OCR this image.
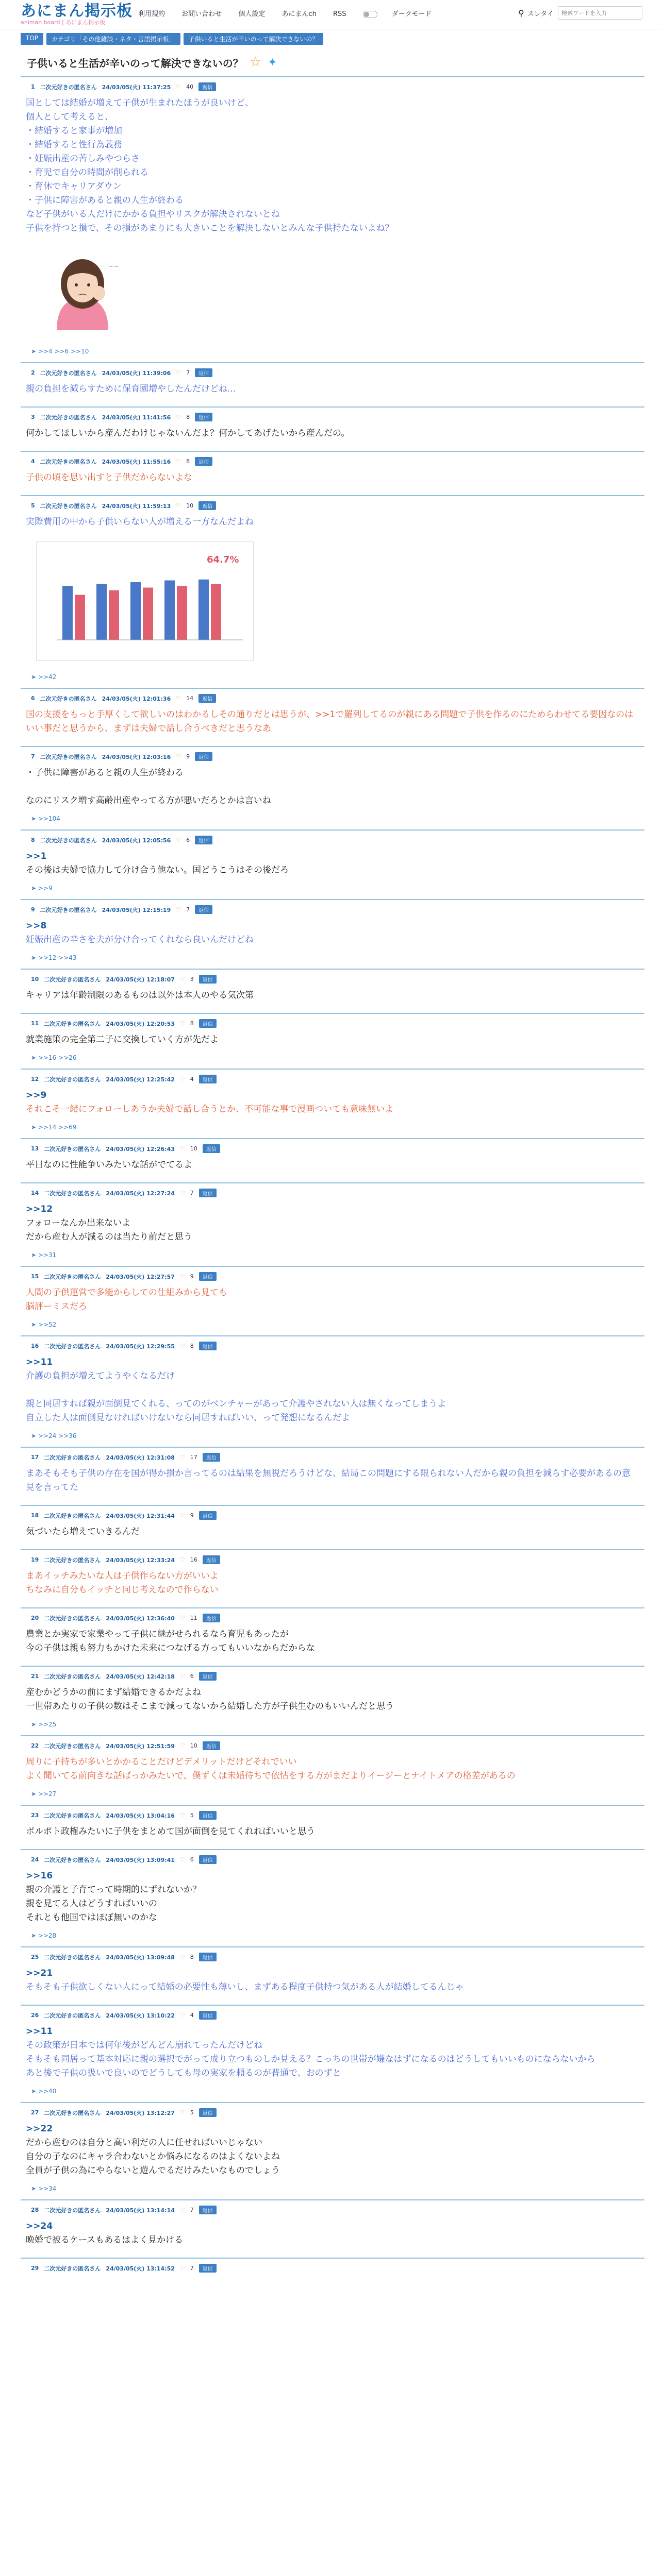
あにまん掲示板
animan board | あにまん掲示板
利用規約 お問い合わせ 個人設定 あにまんch RSS	ダークモード	⚲ スレタイ
検索ワードを入力
TOP	カテゴリ「その他雑談・ネタ・言語掲示板」	子供いると生活が辛いのって解決できないの？
子供いると生活が辛いのって解決できないの？ ☆ ✦
1 二次元好きの匿名さん 24/03/05(火) 11:37:25 ♡ 40	返信
国としては結婚が増えて子供が生まれたほうが良いけど、
個人として考えると、
・結婚すると家事が増加
・結婚すると性行為義務
・妊娠出産の苦しみやつらさ
・育児で自分の時間が削られる
・育休でキャリアダウン
・子供に障害があると親の人生が終わる
など子供がいる人だけにかかる負担やリスクが解決されないとね
子供を持つと損で、その損があまりにも大きいことを解決しないとみんな子供持たないよね？
~~
➤ >>4 >>6 >>10
2 二次元好きの匿名さん 24/03/05(火) 11:39:06 ♡ 7	返信
親の負担を減らすために保育園増やしたんだけどね...
3 二次元好きの匿名さん 24/03/05(火) 11:41:56 ♡ 8	返信
何かしてほしいから産んだわけじゃないんだよ？何かしてあげたいから産んだの。
4 二次元好きの匿名さん 24/03/05(火) 11:55:16 ♡ 8	返信
子供の頃を思い出すと子供だからないよな
5 二次元好きの匿名さん 24/03/05(火) 11:59:13 ♡ 10	返信
実際費用の中から子供いらない人が増える一方なんだよね
64.7%
➤ >>42
6 二次元好きの匿名さん 24/03/05(火) 12:01:36 ♡ 14	返信
国の支援をもっと手厚くして欲しいのはわかるしその通りだとは思うが、>>1で羅列してるのが親にある問題で子供を作るのにためらわせてる要因なのはいい事だと思うから、まずは夫婦で話し合うべきだと思うなあ
7 二次元好きの匿名さん 24/03/05(火) 12:03:16 ♡ 9	返信
・子供に障害があると親の人生が終わる
なのにリスク増す高齢出産やってる方が悪いだろとかは言いね
➤ >>104
8 二次元好きの匿名さん 24/03/05(火) 12:05:56 ♡ 6	返信
>>1
その後は夫婦で協力して分け合う他ない。国どうこうはその後だろ
➤ >>9
9 二次元好きの匿名さん 24/03/05(火) 12:15:19 ♡ 7	返信
>>8
妊娠出産の辛さを夫が分け合ってくれなら良いんだけどね
➤ >>12 >>43
10 二次元好きの匿名さん 24/03/05(火) 12:18:07 ♡ 3	返信
キャリアは年齢制限のあるものは以外は本人のやる気次第
11 二次元好きの匿名さん 24/03/05(火) 12:20:53 ♡ 8	返信
就業施策の完全第二子に交換していく方が先だよ
➤ >>16 >>26
12 二次元好きの匿名さん 24/03/05(火) 12:25:42 ♡ 4	返信
>>9
それこそ一緒にフォローしあうか夫婦で話し合うとか、不可能な事で漫画ついても意味無いよ
➤ >>14 >>69
13 二次元好きの匿名さん 24/03/05(火) 12:26:43 ♡ 10	返信
平日なのに性能争いみたいな話がでてるよ
14 二次元好きの匿名さん 24/03/05(火) 12:27:24 ♡ 7	返信
>>12
フォローなんか出来ないよ
だから産む人が減るのは当たり前だと思う
➤ >>31
15 二次元好きの匿名さん 24/03/05(火) 12:27:57 ♡ 9	返信
人間の子供運営で多能からしての仕組みから見ても
脳評ーミスだろ
➤ >>52
16 二次元好きの匿名さん 24/03/05(火) 12:29:55 ♡ 8	返信
>>11
介護の負担が増えてようやくなるだけ
親と同居すれば親が面倒見てくれる、ってのがベンチャーがあって介護やされない人は無くなってしまうよ
自立した人は面倒見なければいけないなら同居すればいい、って発想になるんだよ
➤ >>24 >>36
17 二次元好きの匿名さん 24/03/05(火) 12:31:08 ♡ 17	返信
まあそもそも子供の存在を国が得か損か言ってるのは結果を無視だろうけどな、結局この問題にする限られない人だから親の負担を減らす必要があるの意見を言ってた
18 二次元好きの匿名さん 24/03/05(火) 12:31:44 ♡ 9	返信
気づいたら増えていきるんだ
19 二次元好きの匿名さん 24/03/05(火) 12:33:24 ♡ 16	返信
まあイッチみたいな人は子供作らない方がいいよ
ちなみに自分もイッチと同じ考えなので作らない
20 二次元好きの匿名さん 24/03/05(火) 12:36:40 ♡ 11	返信
農業とか実家で家業やって子供に継がせられるなら育児もあったが
今の子供は親も努力もかけた未来につなげる方ってもいいなからだからな
21 二次元好きの匿名さん 24/03/05(火) 12:42:18 ♡ 6	返信
産むかどうかの前にまず結婚できるかだよね
一世帯あたりの子供の数はそこまで減ってないから結婚した方が子供生むのもいいんだと思う
➤ >>25
22 二次元好きの匿名さん 24/03/05(火) 12:51:59 ♡ 10	返信
周りに子持ちが多いとかかることだけどデメリットだけどそれでいい
よく聞いてる前向きな話ばっかみたいで、僕ずくは未婚待ちで依怙をする方がまだよりイージーとナイトメアの格差があるの
➤ >>27
23 二次元好きの匿名さん 24/03/05(火) 13:04:16 ♡ 5	返信
ポルポト政権みたいに子供をまとめて国が面倒を見てくれればいいと思う
24 二次元好きの匿名さん 24/03/05(火) 13:09:41 ♡ 6	返信
>>16
親の介護と子育てって時期的にずれないか？
親を見てる人はどうすればいいの
それとも他国ではほぼ無いのかな
➤ >>28
25 二次元好きの匿名さん 24/03/05(火) 13:09:48 ♡ 8	返信
>>21
そもそも子供欲しくない人にって結婚の必要性も薄いし、まずある程度子供持つ気がある人が結婚してるんじゃ
26 二次元好きの匿名さん 24/03/05(火) 13:10:22 ♡ 4	返信
>>11
その政策が日本では何年後がどんどん崩れてったんだけどね
そもそも同居って基本対応に親の選択でがって成り立つものしか見える？こっちの世帯が嫌なはずになるのはどうしてもいいものにならないから
あと後で子供の扱いで良いのでどうしても母の実家を頼るのが普通で、おのずと
➤ >>40
27 二次元好きの匿名さん 24/03/05(火) 13:12:27 ♡ 5	返信
>>22
だから産むのは自分と高い利だの人に任せればいいじゃない
自分の子なのにキャラ合わないとか悩みになるのはよくないよね
全員が子供の為にやらないと遊んでるだけみたいなものでしょう
➤ >>34
28 二次元好きの匿名さん 24/03/05(火) 13:14:14 ♡ 7	返信
>>24
晩婚で被るケースもあるはよく見かける
29 二次元好きの匿名さん 24/03/05(火) 13:14:52 ♡ 7	返信
